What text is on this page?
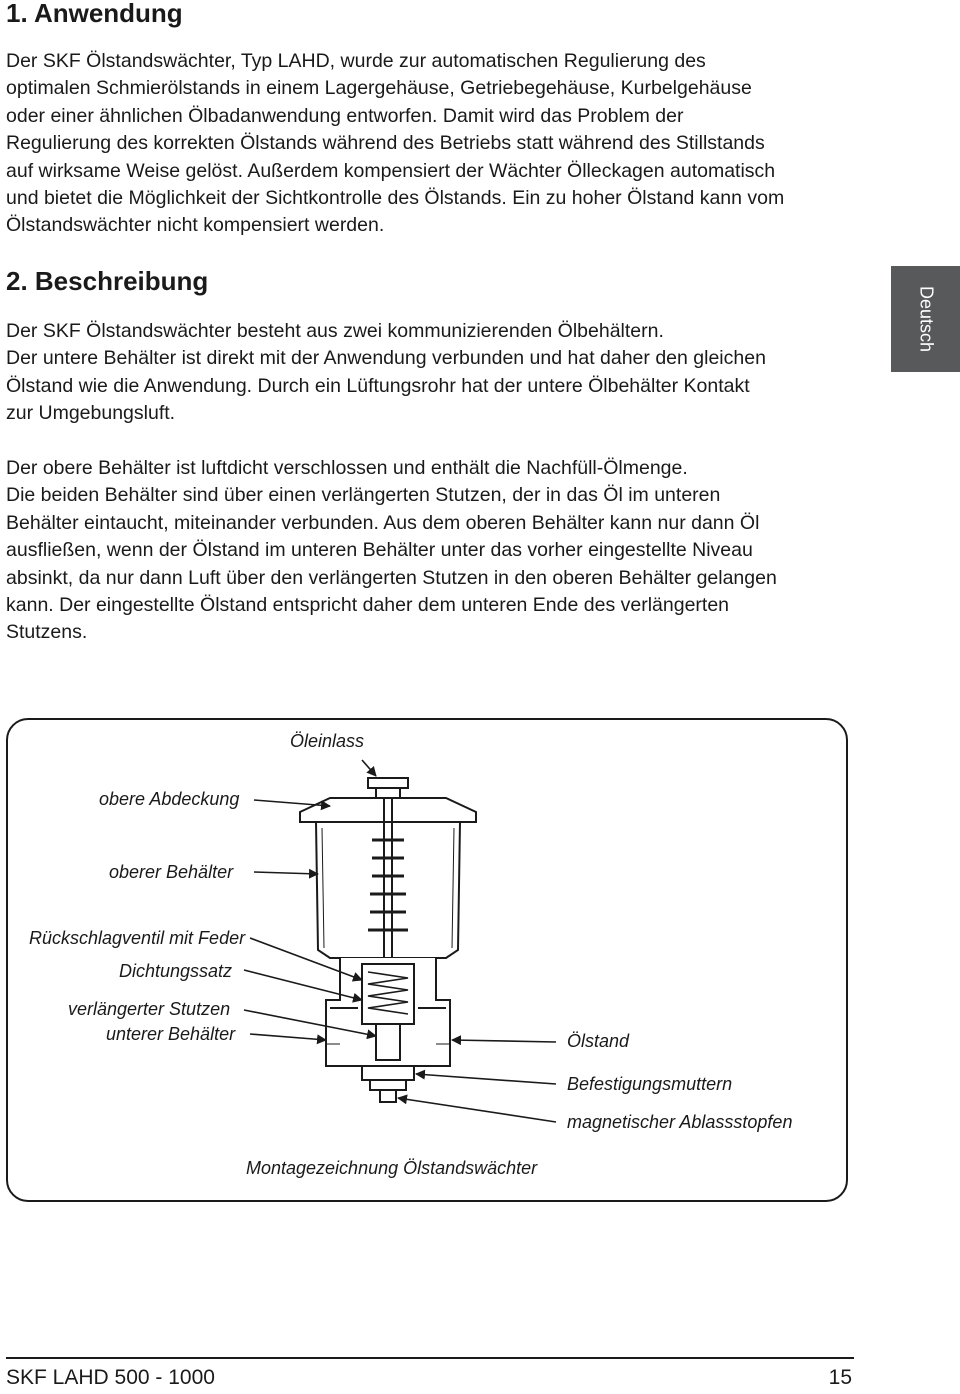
1. Anwendung

Der SKF Ölstandswächter, Typ LAHD, wurde zur automatischen Regulierung des
optimalen Schmierölstands in einem Lagergehäuse, Getriebegehäuse, Kurbelgehäuse
oder einer ähnlichen Ölbadanwendung entworfen. Damit wird das Problem der
Regulierung des korrekten Ölstands während des Betriebs statt während des Stillstands
auf wirksame Weise gelöst. Außerdem kompensiert der Wächter Ölleckagen automatisch
und bietet die Möglichkeit der Sichtkontrolle des Ölstands. Ein zu hoher Ölstand kann vom
Ölstandswächter nicht kompensiert werden.

2. Beschreibung

Der SKF Ölstandswächter besteht aus zwei kommunizierenden Ölbehältern.
Der untere Behälter ist direkt mit der Anwendung verbunden und hat daher den gleichen
Ölstand wie die Anwendung. Durch ein Lüftungsrohr hat der untere Ölbehälter Kontakt
zur Umgebungsluft.

Der obere Behälter ist luftdicht verschlossen und enthält die Nachfüll-Ölmenge.
Die beiden Behälter sind über einen verlängerten Stutzen, der in das Öl im unteren
Behälter eintaucht, miteinander verbunden. Aus dem oberen Behälter kann nur dann Öl
ausfließen, wenn der Ölstand im unteren Behälter unter das vorher eingestellte Niveau
absinkt, da nur dann Luft über den verlängerten Stutzen in den oberen Behälter gelangen
kann. Der eingestellte Ölstand entspricht daher dem unteren Ende des verlängerten
Stutzens.

Deutsch
Öleinlass
obere Abdeckung
oberer Behälter
Rückschlagventil mit Feder
Dichtungssatz
verlängerter Stutzen
unterer Behälter	Ölstand
Befestigungsmuttern
magnetischer Ablassstopfen
Montagezeichnung Ölstandswächter
SKF LAHD 500 - 1000	15
